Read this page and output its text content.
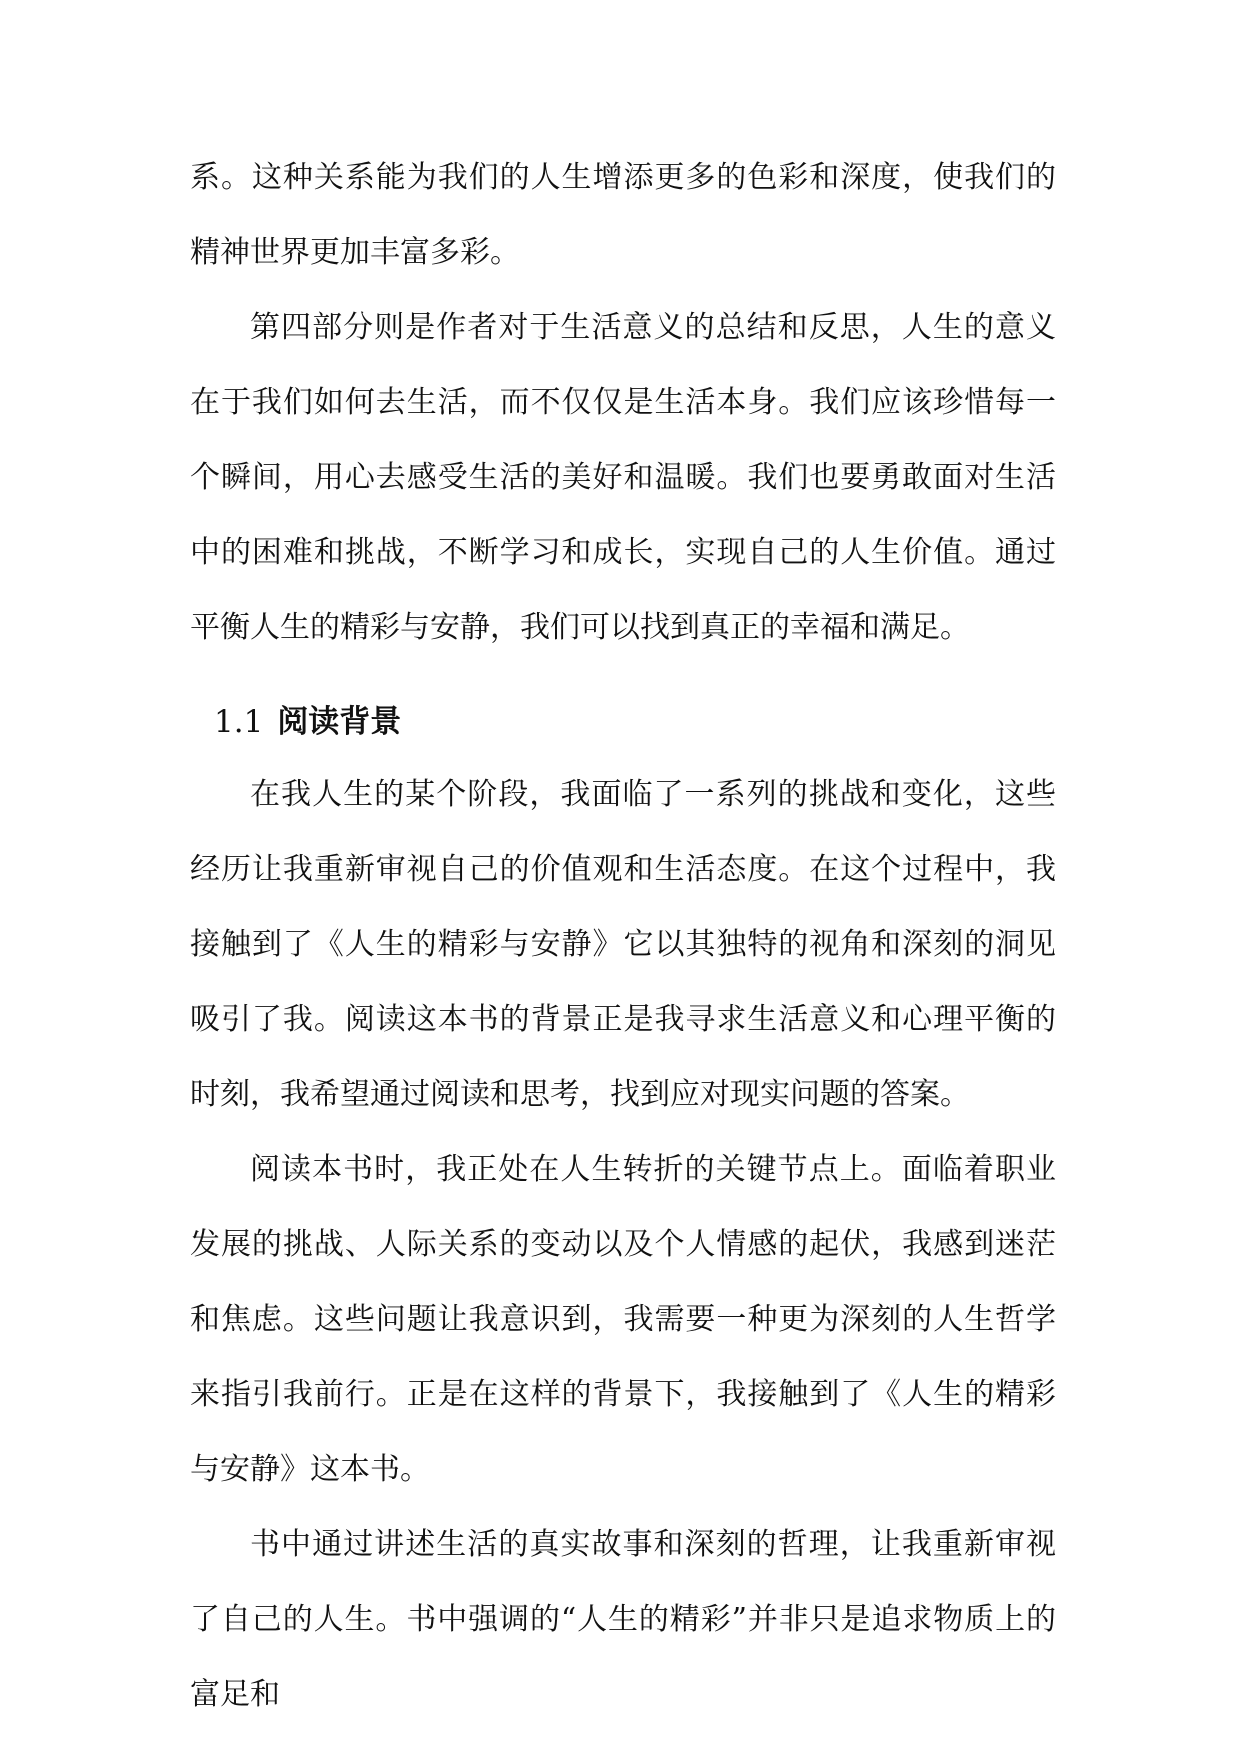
系。这种关系能为我们的人生增添更多的色彩和深度，使我们的精神世界更加丰富多彩。

第四部分则是作者对于生活意义的总结和反思，人生的意义在于我们如何去生活，而不仅仅是生活本身。我们应该珍惜每一个瞬间，用心去感受生活的美好和温暖。我们也要勇敢面对生活中的困难和挑战，不断学习和成长，实现自己的人生价值。通过平衡人生的精彩与安静，我们可以找到真正的幸福和满足。

1.1 阅读背景

在我人生的某个阶段，我面临了一系列的挑战和变化，这些经历让我重新审视自己的价值观和生活态度。在这个过程中，我接触到了《人生的精彩与安静》它以其独特的视角和深刻的洞见吸引了我。阅读这本书的背景正是我寻求生活意义和心理平衡的时刻，我希望通过阅读和思考，找到应对现实问题的答案。

阅读本书时，我正处在人生转折的关键节点上。面临着职业发展的挑战、人际关系的变动以及个人情感的起伏，我感到迷茫和焦虑。这些问题让我意识到，我需要一种更为深刻的人生哲学来指引我前行。正是在这样的背景下，我接触到了《人生的精彩与安静》这本书。

书中通过讲述生活的真实故事和深刻的哲理，让我重新审视了自己的人生。书中强调的“人生的精彩”并非只是追求物质上的富足和
